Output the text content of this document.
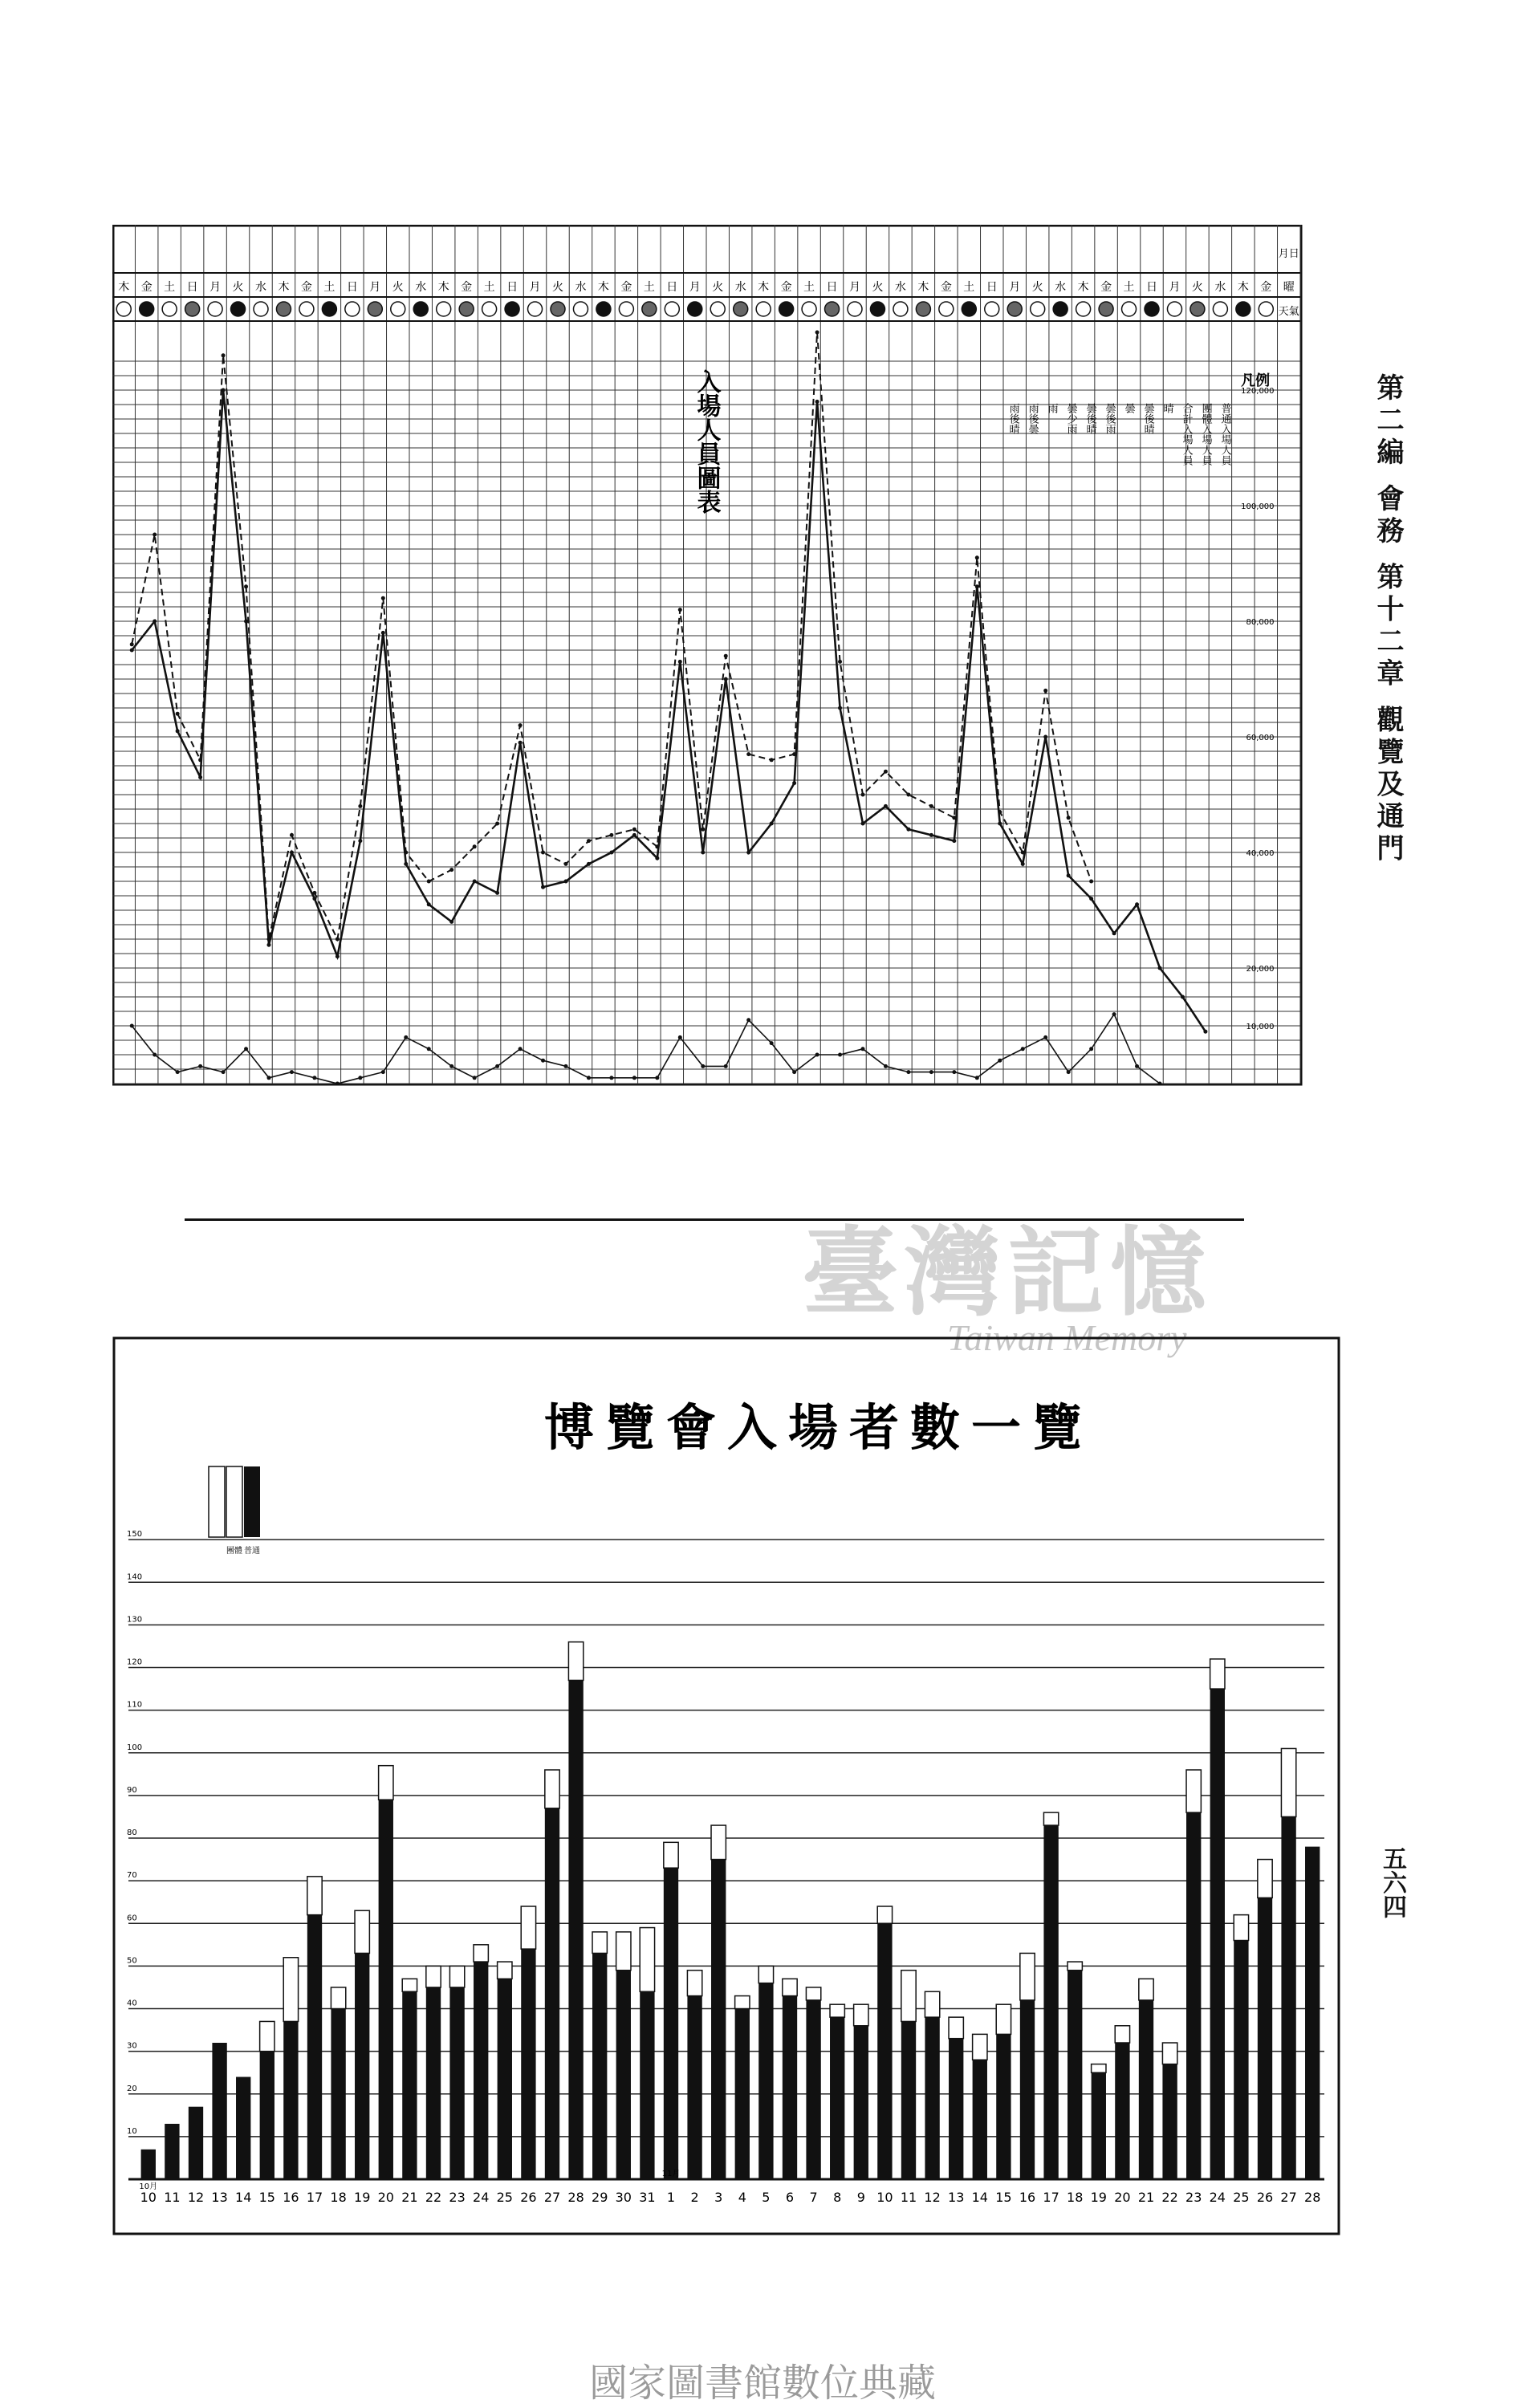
月日
曜
天氣
木 金 土 日 月 火 水 木 金 土 日 月 火 水 木 金 土 日 月 火 水 木 金 土 日 月 火 水 木 金 土 日 月 火 水 木 金 土 日 月 火 水 木 金 土 日 月 火 水 木 金
10,000
20,000
40,000
60,000
80,000
100,000
120,000
凡例
普通入場人員
團體入場人員
合計入場人員
晴
曇後晴
曇
曇後雨
曇後晴
曇少雨
雨
雨後曇
雨後晴
入場人員圖表	第二編 會務 第十二章 觀覽及通門
臺灣記憶
Taiwan Memory
10
20
30
40
50
60
70
80
90
100
110
120
130
140
150
10 11 12 13 14 15 16 17 18 19 20 21 22 23 24 25 26 27 28 29 30 31 1 2 3 4 5 6 7 8 9 10 11 12 13 14 15 16 17 18 19 20 21 22 23 24 25 26 27 28
10月
11月
團體 普通
博覽會入場者數一覽
五六四
國家圖書館數位典藏
